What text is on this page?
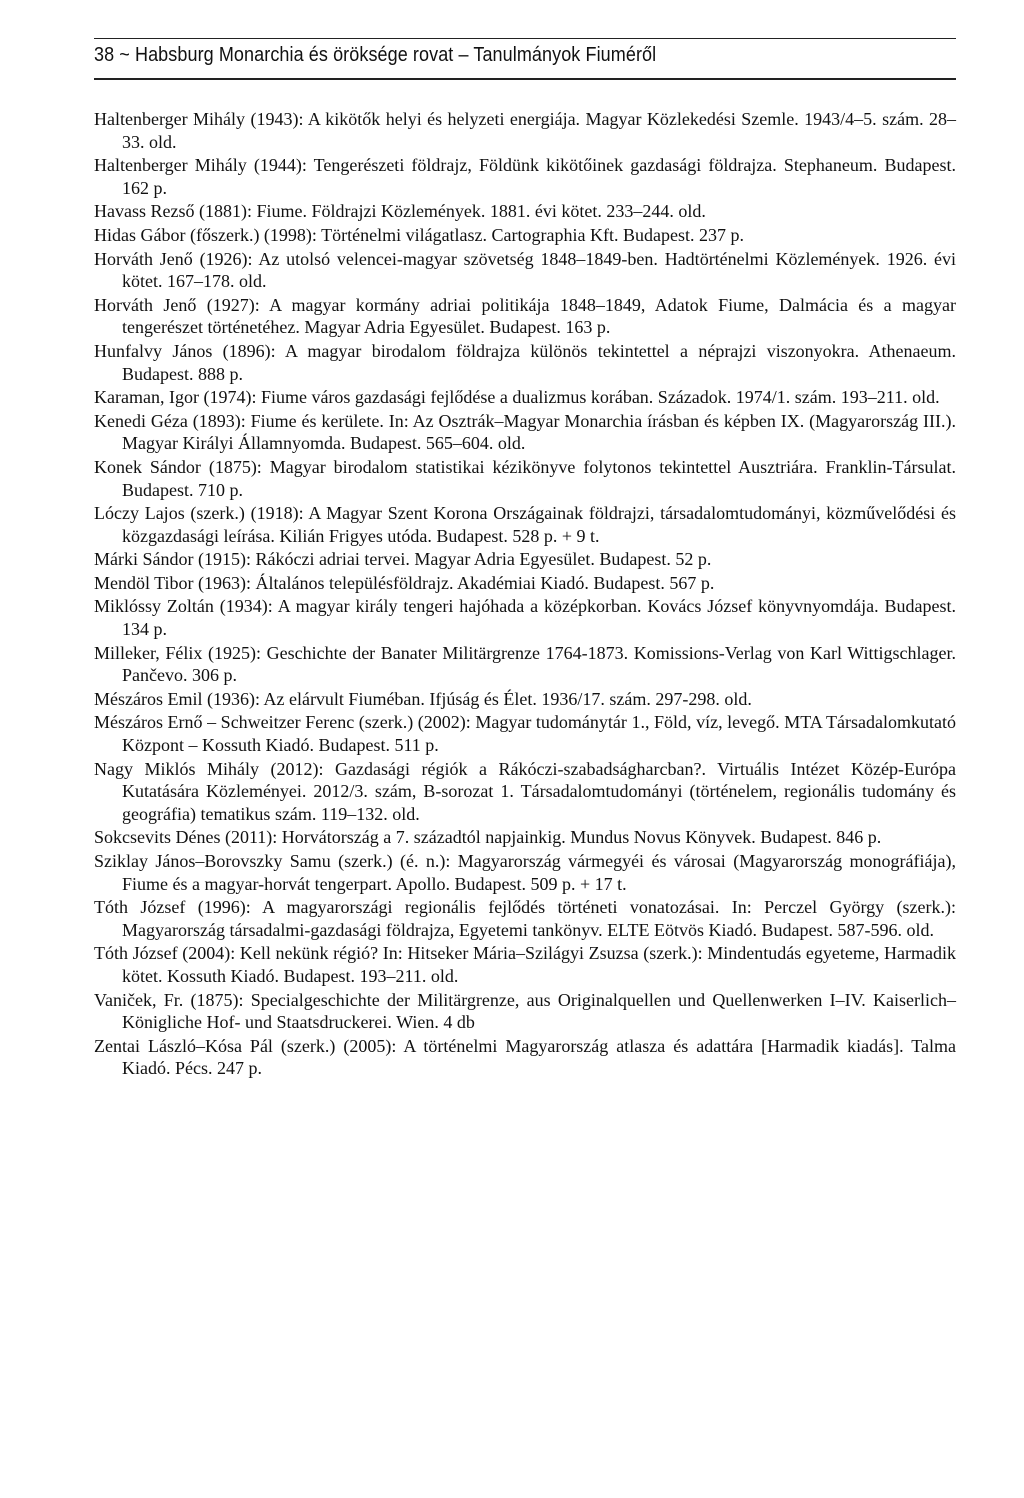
38 ~ Habsburg Monarchia és öröksége rovat – Tanulmányok Fiuméről
Haltenberger Mihály (1943): A kikötők helyi és helyzeti energiája. Magyar Közlekedési Szemle. 1943/4–5. szám. 28–33. old.
Haltenberger Mihály (1944): Tengerészeti földrajz, Földünk kikötőinek gazdasági földrajza. Stephaneum. Budapest. 162 p.
Havass Rezső (1881): Fiume. Földrajzi Közlemények. 1881. évi kötet. 233–244. old.
Hidas Gábor (főszerk.) (1998): Történelmi világatlasz. Cartographia Kft. Budapest. 237 p.
Horváth Jenő (1926): Az utolsó velencei-magyar szövetség 1848–1849-ben. Hadtörténelmi Közlemények. 1926. évi kötet. 167–178. old.
Horváth Jenő (1927): A magyar kormány adriai politikája 1848–1849, Adatok Fiume, Dalmácia és a magyar tengerészet történetéhez. Magyar Adria Egyesület. Budapest. 163 p.
Hunfalvy János (1896): A magyar birodalom földrajza különös tekintettel a néprajzi viszonyokra. Athenaeum. Budapest. 888 p.
Karaman, Igor (1974): Fiume város gazdasági fejlődése a dualizmus korában. Századok. 1974/1. szám. 193–211. old.
Kenedi Géza (1893): Fiume és kerülete. In: Az Osztrák–Magyar Monarchia írásban és képben IX. (Magyarország III.). Magyar Királyi Államnyomda. Budapest. 565–604. old.
Konek Sándor (1875): Magyar birodalom statistikai kézikönyve folytonos tekintettel Ausztriára. Franklin-Társulat. Budapest. 710 p.
Lóczy Lajos (szerk.) (1918): A Magyar Szent Korona Országainak földrajzi, társadalomtudományi, közművelődési és közgazdasági leírása. Kilián Frigyes utóda. Budapest. 528 p. + 9 t.
Márki Sándor (1915): Rákóczi adriai tervei. Magyar Adria Egyesület. Budapest. 52 p.
Mendöl Tibor (1963): Általános településföldrajz. Akadémiai Kiadó. Budapest. 567 p.
Miklóssy Zoltán (1934): A magyar király tengeri hajóhada a középkorban. Kovács József könyvnyomdája. Budapest. 134 p.
Milleker, Félix (1925): Geschichte der Banater Militärgrenze 1764-1873. Komissions-Verlag von Karl Wittigschlager. Pančevo. 306 p.
Mészáros Emil (1936): Az elárvult Fiuméban. Ifjúság és Élet. 1936/17. szám. 297-298. old.
Mészáros Ernő – Schweitzer Ferenc (szerk.) (2002): Magyar tudománytár 1., Föld, víz, levegő. MTA Társadalomkutató Központ – Kossuth Kiadó. Budapest. 511 p.
Nagy Miklós Mihály (2012): Gazdasági régiók a Rákóczi-szabadságharcban?. Virtuális Intézet Közép-Európa Kutatására Közleményei. 2012/3. szám, B-sorozat 1. Társadalomtudományi (történelem, regionális tudomány és geográfia) tematikus szám. 119–132. old.
Sokcsevits Dénes (2011): Horvátország a 7. századtól napjainkig. Mundus Novus Könyvek. Budapest. 846 p.
Sziklay János–Borovszky Samu (szerk.) (é. n.): Magyarország vármegyéi és városai (Magyarország monográfiája), Fiume és a magyar-horvát tengerpart. Apollo. Budapest. 509 p. + 17 t.
Tóth József (1996): A magyarországi regionális fejlődés történeti vonatozásai. In: Perczel György (szerk.): Magyarország társadalmi-gazdasági földrajza, Egyetemi tankönyv. ELTE Eötvös Kiadó. Budapest. 587-596. old.
Tóth József (2004): Kell nekünk régió? In: Hitseker Mária–Szilágyi Zsuzsa (szerk.): Mindentudás egyeteme, Harmadik kötet. Kossuth Kiadó. Budapest. 193–211. old.
Vaniček, Fr. (1875): Specialgeschichte der Militärgrenze, aus Originalquellen und Quellenwerken I–IV. Kaiserlich–Königliche Hof- und Staatsdruckerei. Wien. 4 db
Zentai László–Kósa Pál (szerk.) (2005): A történelmi Magyarország atlasza és adattára [Harmadik kiadás]. Talma Kiadó. Pécs. 247 p.
